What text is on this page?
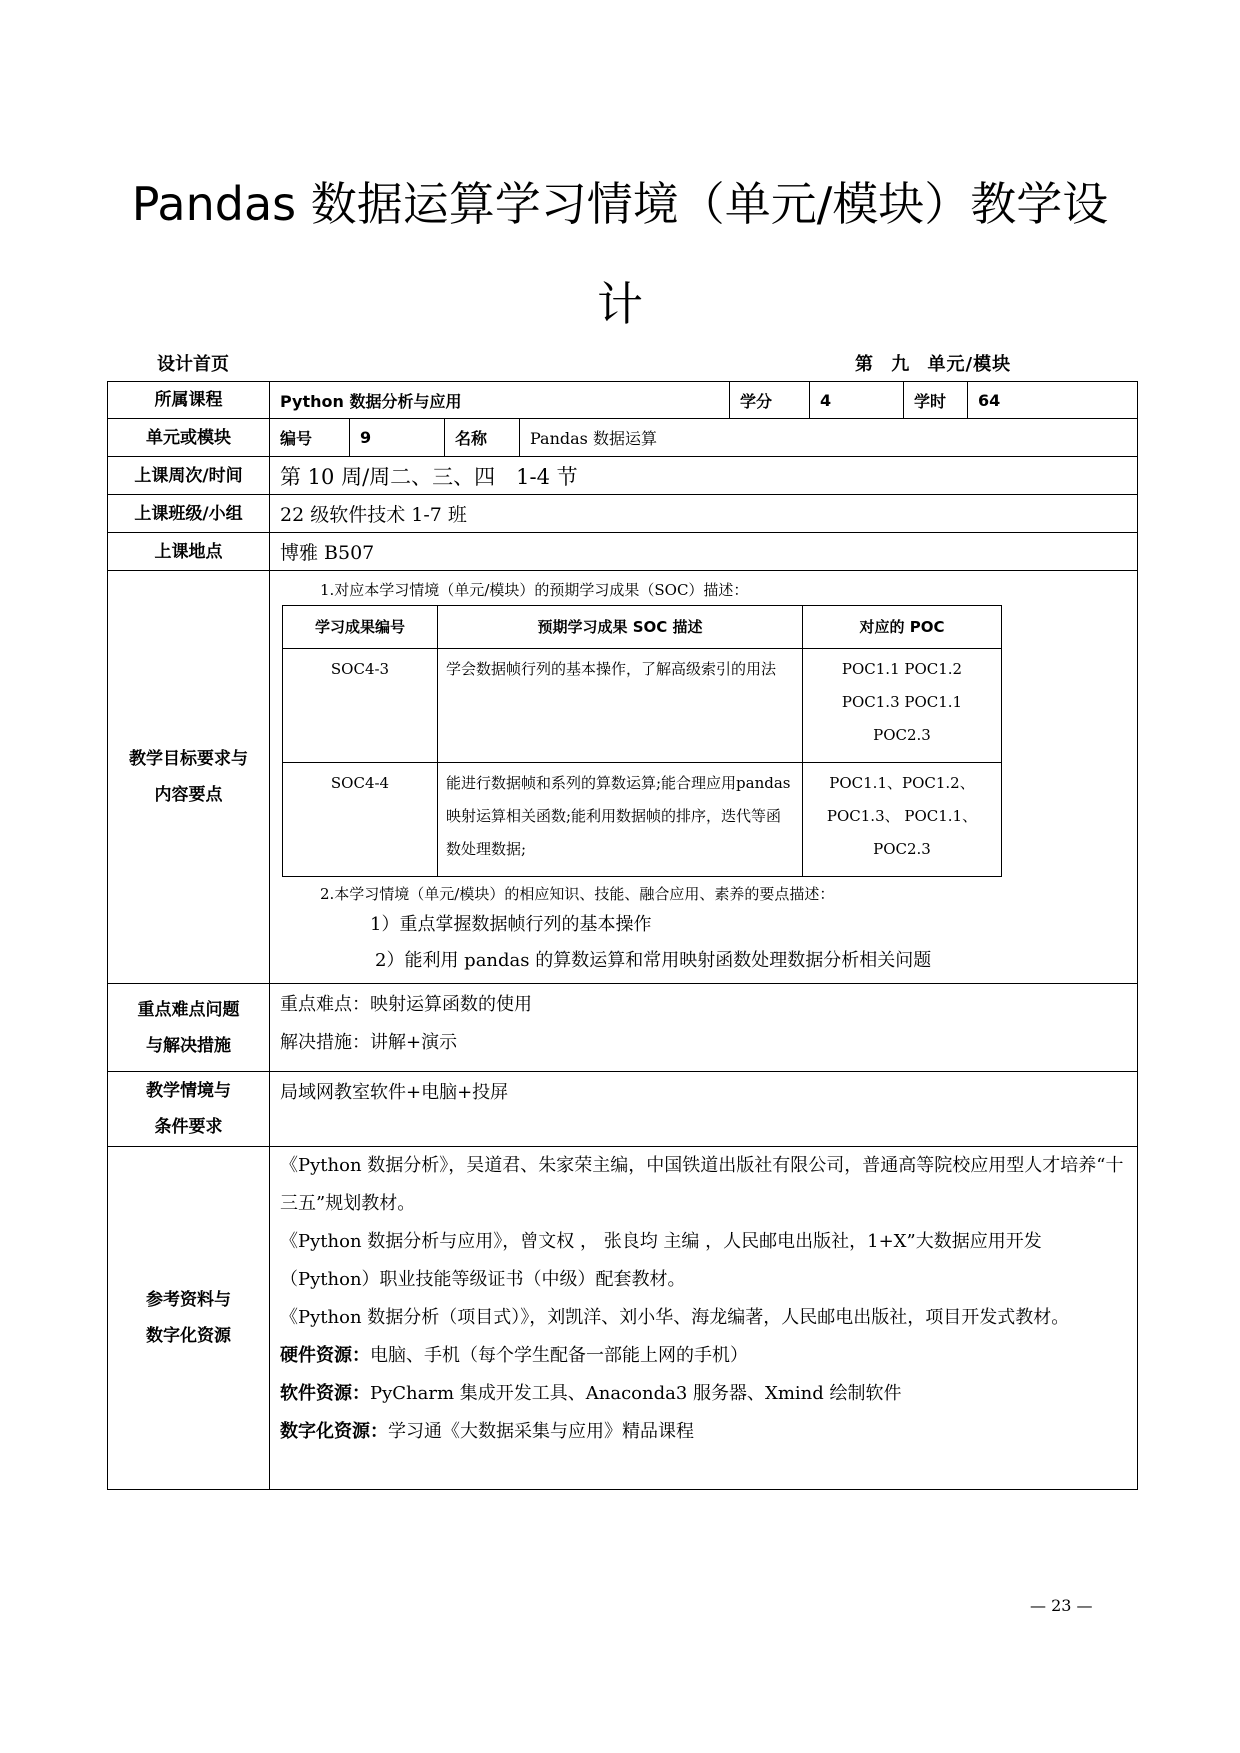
Pandas 数据运算学习情境（单元/模块）教学设
计
设计首页	第 九 单元/模块
所属课程	Python 数据分析与应用	学分	4	学时	64
单元或模块	编号	9	名称	Pandas 数据运算
上课周次/时间	第 10 周/周二、三、四　1-4 节
上课班级/小组	22 级软件技术 1-7 班
上课地点	博雅 B507

教学目标要求与
内容要点

1.对应本学习情境（单元/模块）的预期学习成果（SOC）描述：
学习成果编号	预期学习成果 SOC 描述	对应的 POC
SOC4-3	学会数据帧行列的基本操作，了解高级索引的用法	POC1.1 POC1.2
POC1.3 POC1.1
POC2.3

SOC4-4	能进行数据帧和系列的算数运算;能合理应用pandas映射运算相关函数;能利用数据帧的排序，迭代等函数处理数据;	
POC1.1、POC1.2、
POC1.3、 POC1.1、
POC2.3
2.本学习情境（单元/模块）的相应知识、技能、融合应用、素养的要点描述：
1）重点掌握数据帧行列的基本操作
2）能利用 pandas 的算数运算和常用映射函数处理数据分析相关问题

重点难点问题
与解决措施

重点难点：映射运算函数的使用
解决措施：讲解+演示

教学情境与
条件要求
	局域网教室软件+电脑+投屏

参考资料与
数字化资源

《Python 数据分析》，吴道君、朱家荣主编，中国铁道出版社有限公司，普通高等院校应用型人才培养“十三五”规划教材。
《Python 数据分析与应用》，曾文权 ， 张良均 主编 ，人民邮电出版社，1+X”大数据应用开发（Python）职业技能等级证书（中级）配套教材。
《Python 数据分析（项目式）》，刘凯洋、刘小华、海龙编著，人民邮电出版社，项目开发式教材。
硬件资源：电脑、手机（每个学生配备一部能上网的手机）
软件资源：PyCharm 集成开发工具、Anaconda3 服务器、Xmind 绘制软件
数字化资源：学习通《大数据采集与应用》精品课程
— 23 —
